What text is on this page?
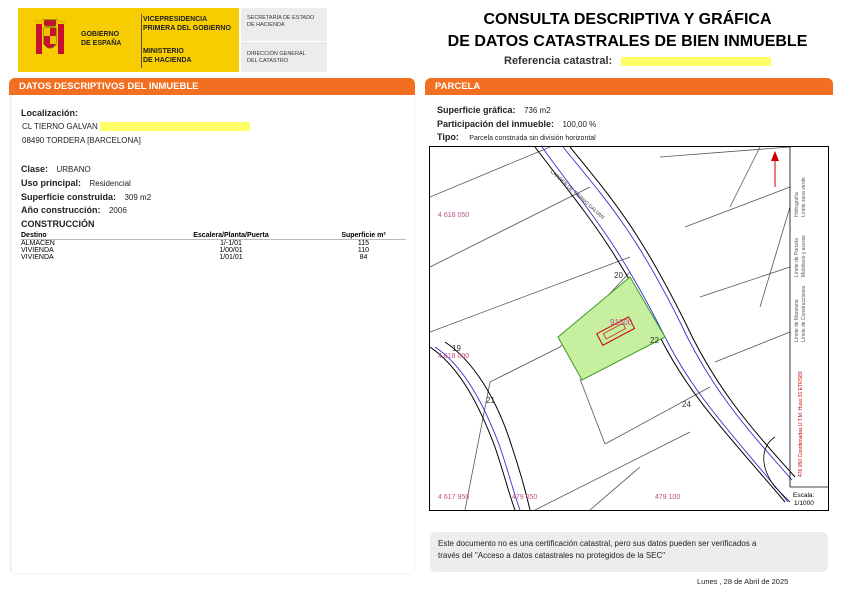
GOBIERNO
DE ESPAÑA
VICEPRESIDENCIA
PRIMERA DEL GOBIERNO
MINISTERIO
DE HACIENDA
SECRETARÍA DE ESTADO
DE HACIENDA
DIRECCIÓN GENERAL
DEL CATASTRO
CONSULTA DESCRIPTIVA Y GRÁFICA
DE DATOS CATASTRALES DE BIEN INMUEBLE
Referencia catastral:
DATOS DESCRIPTIVOS DEL INMUEBLE
Localización:
CL TIERNO GALVAN
08490 TORDERA [BARCELONA]
Clase: URBANO
Uso principal: Residencial
Superficie construida: 309 m2
Año construcción: 2006
CONSTRUCCIÓN
Destino	Escalera/Planta/Puerta	Superficie m²
ALMACEN	1/-1/01	115
VIVIENDA	1/00/01	110
VIVIENDA	1/01/01	84
PARCELA
Superficie gráfica: 736 m2
Participación del inmueble: 100,00 %
Tipo: Parcela construida sin división horizontal
Hidrografía Límite zona verde
Límite de Parcela Mobiliario y aceras
Límite de Manzana Límite de Construcciones
476 050 Coordenadas U.T.M. Huso 31 ETRS89
4 618 050
4 618 000
4 617 950	479 050	479 100
91600
CARRER DE TIERNO GALVAN
20
22
19
21	24
Escala:
1/1000
Este documento no es una certificación catastral, pero sus datos pueden ser verificados a
través del "Acceso a datos catastrales no protegidos de la SEC"
Lunes , 28 de Abril de 2025
